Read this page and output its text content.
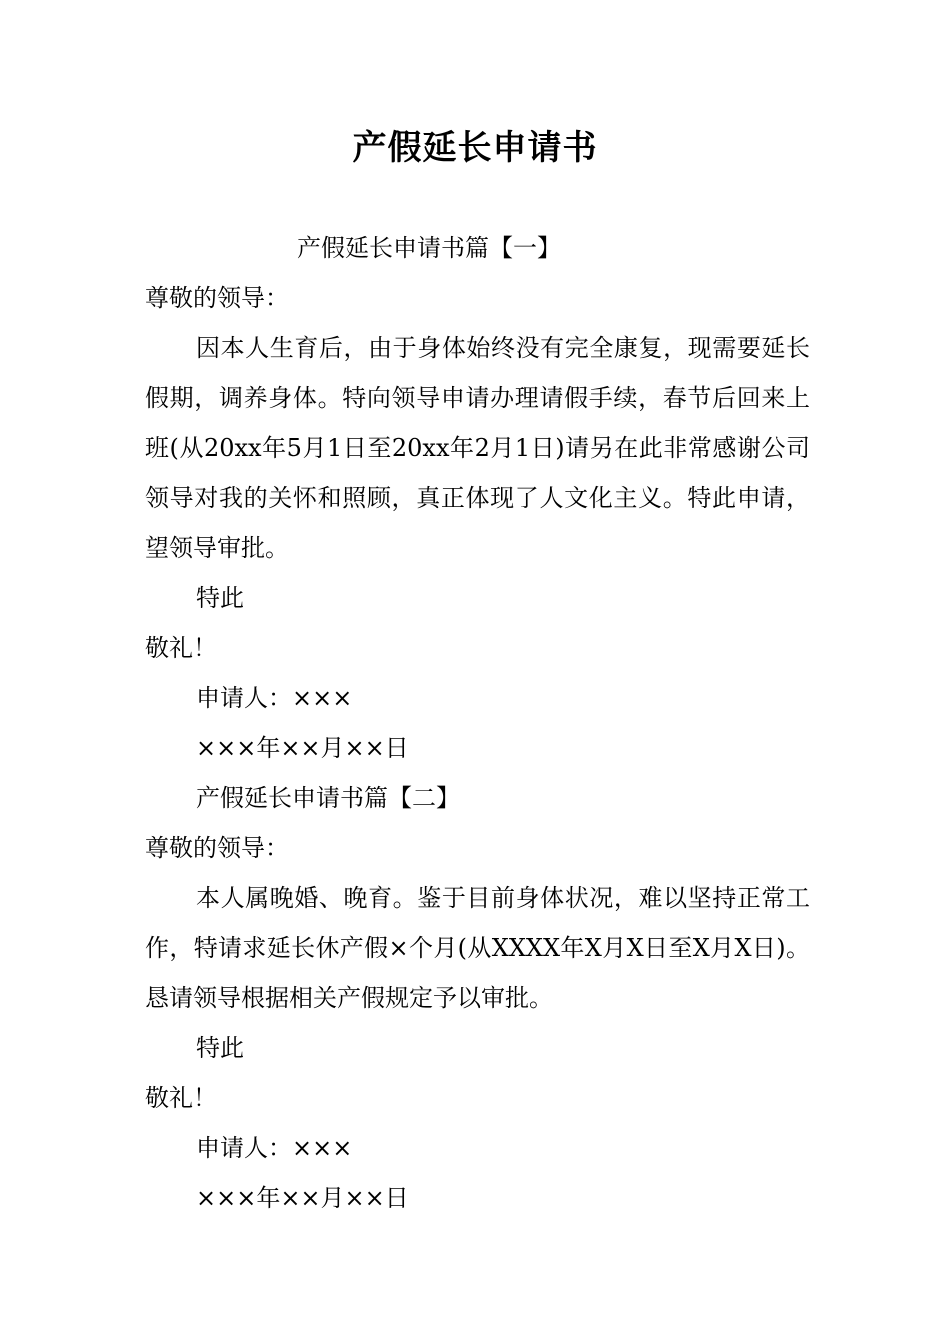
产假延长申请书

产假延长申请书篇【一】

尊敬的领导：

因本人生育后，由于身体始终没有完全康复，现需要延长假期，调养身体。特向领导申请办理请假手续，春节后回来上班(从20xx年5月1日至20xx年2月1日)请另在此非常感谢公司领导对我的关怀和照顾，真正体现了人文化主义。特此申请，望领导审批。

特此

敬礼！

申请人：×××

×××年××月××日

产假延长申请书篇【二】

尊敬的领导：

本人属晚婚、晚育。鉴于目前身体状况，难以坚持正常工作，特请求延长休产假×个月(从XXXX年X月X日至X月X日)。恳请领导根据相关产假规定予以审批。

特此

敬礼！

申请人：×××

×××年××月××日
